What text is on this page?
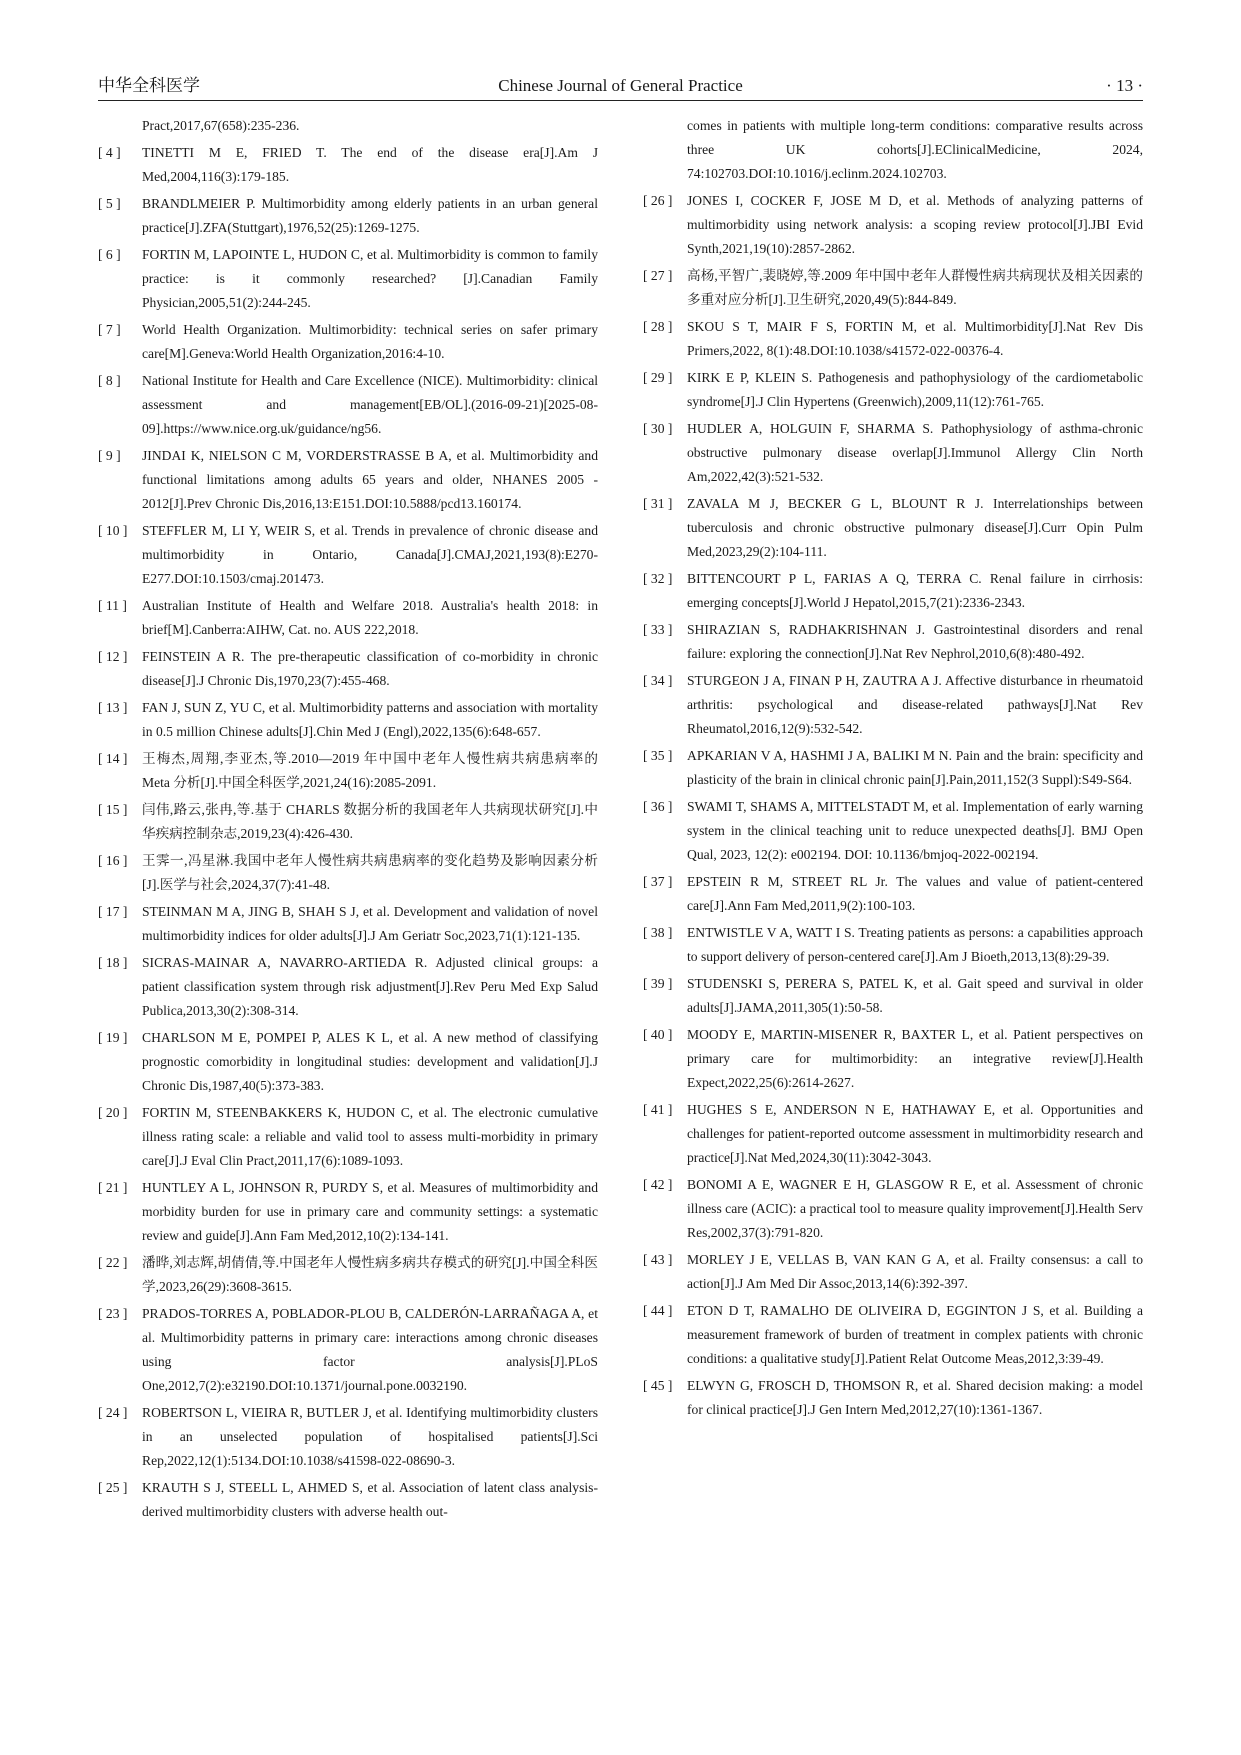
中华全科医学	Chinese Journal of General Practice	· 13 ·
Pract,2017,67(658):235-236.
[ 4 ]	TINETTI M E, FRIED T. The end of the disease era[J].Am J Med,2004,116(3):179-185.
[ 5 ]	BRANDLMEIER P. Multimorbidity among elderly patients in an urban general practice[J].ZFA(Stuttgart),1976,52(25):1269-1275.
[ 6 ]	FORTIN M, LAPOINTE L, HUDON C, et al. Multimorbidity is common to family practice: is it commonly researched? [J].Canadian Family Physician,2005,51(2):244-245.
[ 7 ]	World Health Organization. Multimorbidity: technical series on safer primary care[M].Geneva:World Health Organization,2016:4-10.
[ 8 ]	National Institute for Health and Care Excellence (NICE). Multimorbidity: clinical assessment and management[EB/OL].(2016-09-21)[2025-08-09].https://www.nice.org.uk/guidance/ng56.
[ 9 ]	JINDAI K, NIELSON C M, VORDERSTRASSE B A, et al. Multimorbidity and functional limitations among adults 65 years and older, NHANES 2005 - 2012[J].Prev Chronic Dis,2016,13:E151.DOI:10.5888/pcd13.160174.
[ 10 ]	STEFFLER M, LI Y, WEIR S, et al. Trends in prevalence of chronic disease and multimorbidity in Ontario, Canada[J].CMAJ,2021,193(8):E270-E277.DOI:10.1503/cmaj.201473.
[ 11 ]	Australian Institute of Health and Welfare 2018. Australia's health 2018: in brief[M].Canberra:AIHW, Cat. no. AUS 222,2018.
[ 12 ]	FEINSTEIN A R. The pre-therapeutic classification of co-morbidity in chronic disease[J].J Chronic Dis,1970,23(7):455-468.
[ 13 ]	FAN J, SUN Z, YU C, et al. Multimorbidity patterns and association with mortality in 0.5 million Chinese adults[J].Chin Med J (Engl),2022,135(6):648-657.
[ 14 ]	王梅杰,周翔,李亚杰,等.2010—2019 年中国中老年人慢性病共病患病率的 Meta 分析[J].中国全科医学,2021,24(16):2085-2091.
[ 15 ]	闫伟,路云,张冉,等.基于 CHARLS 数据分析的我国老年人共病现状研究[J].中华疾病控制杂志,2019,23(4):426-430.
[ 16 ]	王霁一,冯星淋.我国中老年人慢性病共病患病率的变化趋势及影响因素分析[J].医学与社会,2024,37(7):41-48.
[ 17 ]	STEINMAN M A, JING B, SHAH S J, et al. Development and validation of novel multimorbidity indices for older adults[J].J Am Geriatr Soc,2023,71(1):121-135.
[ 18 ]	SICRAS-MAINAR A, NAVARRO-ARTIEDA R. Adjusted clinical groups: a patient classification system through risk adjustment[J].Rev Peru Med Exp Salud Publica,2013,30(2):308-314.
[ 19 ]	CHARLSON M E, POMPEI P, ALES K L, et al. A new method of classifying prognostic comorbidity in longitudinal studies: development and validation[J].J Chronic Dis,1987,40(5):373-383.
[ 20 ]	FORTIN M, STEENBAKKERS K, HUDON C, et al. The electronic cumulative illness rating scale: a reliable and valid tool to assess multi-morbidity in primary care[J].J Eval Clin Pract,2011,17(6):1089-1093.
[ 21 ]	HUNTLEY A L, JOHNSON R, PURDY S, et al. Measures of multimorbidity and morbidity burden for use in primary care and community settings: a systematic review and guide[J].Ann Fam Med,2012,10(2):134-141.
[ 22 ]	潘晔,刘志辉,胡倩倩,等.中国老年人慢性病多病共存模式的研究[J].中国全科医学,2023,26(29):3608-3615.
[ 23 ]	PRADOS-TORRES A, POBLADOR-PLOU B, CALDERÓN-LARRAÑAGA A, et al. Multimorbidity patterns in primary care: interactions among chronic diseases using factor analysis[J].PLoS One,2012,7(2):e32190.DOI:10.1371/journal.pone.0032190.
[ 24 ]	ROBERTSON L, VIEIRA R, BUTLER J, et al. Identifying multimorbidity clusters in an unselected population of hospitalised patients[J].Sci Rep,2022,12(1):5134.DOI:10.1038/s41598-022-08690-3.
[ 25 ]	KRAUTH S J, STEELL L, AHMED S, et al. Association of latent class analysis-derived multimorbidity clusters with adverse health out-
comes in patients with multiple long-term conditions: comparative results across three UK cohorts[J].EClinicalMedicine, 2024, 74:102703.DOI:10.1016/j.eclinm.2024.102703.
[ 26 ]	JONES I, COCKER F, JOSE M D, et al. Methods of analyzing patterns of multimorbidity using network analysis: a scoping review protocol[J].JBI Evid Synth,2021,19(10):2857-2862.
[ 27 ]	高杨,平智广,裴晓婷,等.2009 年中国中老年人群慢性病共病现状及相关因素的多重对应分析[J].卫生研究,2020,49(5):844-849.
[ 28 ]	SKOU S T, MAIR F S, FORTIN M, et al. Multimorbidity[J].Nat Rev Dis Primers,2022, 8(1):48.DOI:10.1038/s41572-022-00376-4.
[ 29 ]	KIRK E P, KLEIN S. Pathogenesis and pathophysiology of the cardiometabolic syndrome[J].J Clin Hypertens (Greenwich),2009,11(12):761-765.
[ 30 ]	HUDLER A, HOLGUIN F, SHARMA S. Pathophysiology of asthma-chronic obstructive pulmonary disease overlap[J].Immunol Allergy Clin North Am,2022,42(3):521-532.
[ 31 ]	ZAVALA M J, BECKER G L, BLOUNT R J. Interrelationships between tuberculosis and chronic obstructive pulmonary disease[J].Curr Opin Pulm Med,2023,29(2):104-111.
[ 32 ]	BITTENCOURT P L, FARIAS A Q, TERRA C. Renal failure in cirrhosis: emerging concepts[J].World J Hepatol,2015,7(21):2336-2343.
[ 33 ]	SHIRAZIAN S, RADHAKRISHNAN J. Gastrointestinal disorders and renal failure: exploring the connection[J].Nat Rev Nephrol,2010,6(8):480-492.
[ 34 ]	STURGEON J A, FINAN P H, ZAUTRA A J. Affective disturbance in rheumatoid arthritis: psychological and disease-related pathways[J].Nat Rev Rheumatol,2016,12(9):532-542.
[ 35 ]	APKARIAN V A, HASHMI J A, BALIKI M N. Pain and the brain: specificity and plasticity of the brain in clinical chronic pain[J].Pain,2011,152(3 Suppl):S49-S64.
[ 36 ]	SWAMI T, SHAMS A, MITTELSTADT M, et al. Implementation of early warning system in the clinical teaching unit to reduce unexpected deaths[J]. BMJ Open Qual, 2023, 12(2): e002194. DOI: 10.1136/bmjoq-2022-002194.
[ 37 ]	EPSTEIN R M, STREET RL Jr. The values and value of patient-centered care[J].Ann Fam Med,2011,9(2):100-103.
[ 38 ]	ENTWISTLE V A, WATT I S. Treating patients as persons: a capabilities approach to support delivery of person-centered care[J].Am J Bioeth,2013,13(8):29-39.
[ 39 ]	STUDENSKI S, PERERA S, PATEL K, et al. Gait speed and survival in older adults[J].JAMA,2011,305(1):50-58.
[ 40 ]	MOODY E, MARTIN-MISENER R, BAXTER L, et al. Patient perspectives on primary care for multimorbidity: an integrative review[J].Health Expect,2022,25(6):2614-2627.
[ 41 ]	HUGHES S E, ANDERSON N E, HATHAWAY E, et al. Opportunities and challenges for patient-reported outcome assessment in multimorbidity research and practice[J].Nat Med,2024,30(11):3042-3043.
[ 42 ]	BONOMI A E, WAGNER E H, GLASGOW R E, et al. Assessment of chronic illness care (ACIC): a practical tool to measure quality improvement[J].Health Serv Res,2002,37(3):791-820.
[ 43 ]	MORLEY J E, VELLAS B, VAN KAN G A, et al. Frailty consensus: a call to action[J].J Am Med Dir Assoc,2013,14(6):392-397.
[ 44 ]	ETON D T, RAMALHO DE OLIVEIRA D, EGGINTON J S, et al. Building a measurement framework of burden of treatment in complex patients with chronic conditions: a qualitative study[J].Patient Relat Outcome Meas,2012,3:39-49.
[ 45 ]	ELWYN G, FROSCH D, THOMSON R, et al. Shared decision making: a model for clinical practice[J].J Gen Intern Med,2012,27(10):1361-1367.
